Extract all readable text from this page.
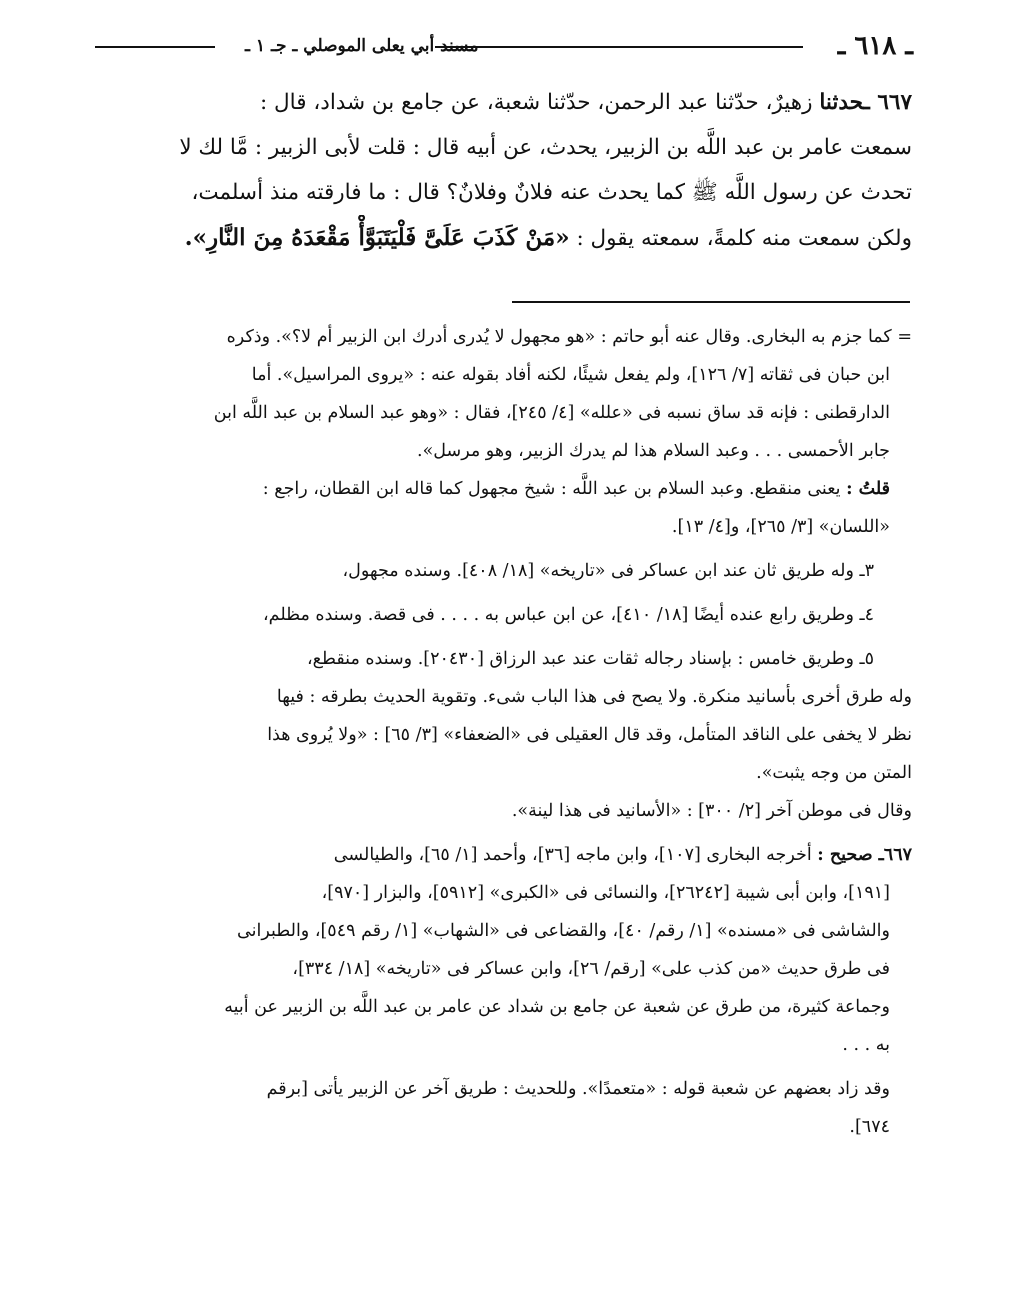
ـ ٦١٨ ـ
مسند أبي يعلى الموصلي ـ جـ ١ ـ
٦٦٧ ـحدثنا زهيرٌ، حدّثنا عبد الرحمن، حدّثنا شعبة، عن جامع بن شداد، قال :
سمعت عامر بن عبد اللَّه بن الزبير، يحدث، عن أبيه قال : قلت لأبى الزبير : مَّا لك لا
تحدث عن رسول اللَّه ﷺ كما يحدث عنه فلانٌ وفلانٌ؟ قال : ما فارقته منذ أسلمت،
ولكن سمعت منه كلمةً، سمعته يقول : «مَنْ كَذَبَ عَلَىَّ فَلْيَتَبَوَّأْ مَقْعَدَهُ مِنَ النَّارِ».
= كما جزم به البخارى. وقال عنه أبو حاتم : «هو مجهول لا يُدرى أدرك ابن الزبير أم لا؟». وذكره
ابن حبان فى ثقاته [٧/ ١٢٦]، ولم يفعل شيئًا، لكنه أفاد بقوله عنه : «يروى المراسيل». أما
الدارقطنى : فإنه قد ساق نسبه فى «علله» [٤/ ٢٤٥]، فقال : «وهو عبد السلام بن عبد اللَّه ابن
جابر الأحمسى . . . وعبد السلام هذا لم يدرك الزبير، وهو مرسل».
قلتُ : يعنى منقطع. وعبد السلام بن عبد اللَّه : شيخ مجهول كما قاله ابن القطان، راجع :
«اللسان» [٣/ ٢٦٥]، و[٤/ ١٣].
٣ـ وله طريق ثان عند ابن عساكر فى «تاريخه» [١٨/ ٤٠٨]. وسنده مجهول،
٤ـ وطريق رابع عنده أيضًا [١٨/ ٤١٠]، عن ابن عباس به . . . . فى قصة. وسنده مظلم،
٥ـ وطريق خامس : بإسناد رجاله ثقات عند عبد الرزاق [٢٠٤٣٠]. وسنده منقطع،
وله طرق أخرى بأسانيد منكرة. ولا يصح فى هذا الباب شىء. وتقوية الحديث بطرقه : فيها
نظر لا يخفى على الناقد المتأمل، وقد قال العقيلى فى «الضعفاء» [٣/ ٦٥] : «ولا يُروى هذا
المتن من وجه يثبت».
وقال فى موطن آخر [٢/ ٣٠٠] : «الأسانيد فى هذا لينة».
٦٦٧ـ صحيح : أخرجه البخارى [١٠٧]، وابن ماجه [٣٦]، وأحمد [١/ ٦٥]، والطيالسى
[١٩١]، وابن أبى شيبة [٢٦٢٤٢]، والنسائى فى «الكبرى» [٥٩١٢]، والبزار [٩٧٠]،
والشاشى فى «مسنده» [١/ رقم/ ٤٠]، والقضاعى فى «الشهاب» [١/ رقم ٥٤٩]، والطبرانى
فى طرق حديث «من كذب على» [رقم/ ٢٦]، وابن عساكر فى «تاريخه» [١٨/ ٣٣٤]،
وجماعة كثيرة، من طرق عن شعبة عن جامع بن شداد عن عامر بن عبد اللَّه بن الزبير عن أبيه
به . . .
وقد زاد بعضهم عن شعبة قوله : «متعمدًا». وللحديث : طريق آخر عن الزبير يأتى [برقم
٦٧٤].
